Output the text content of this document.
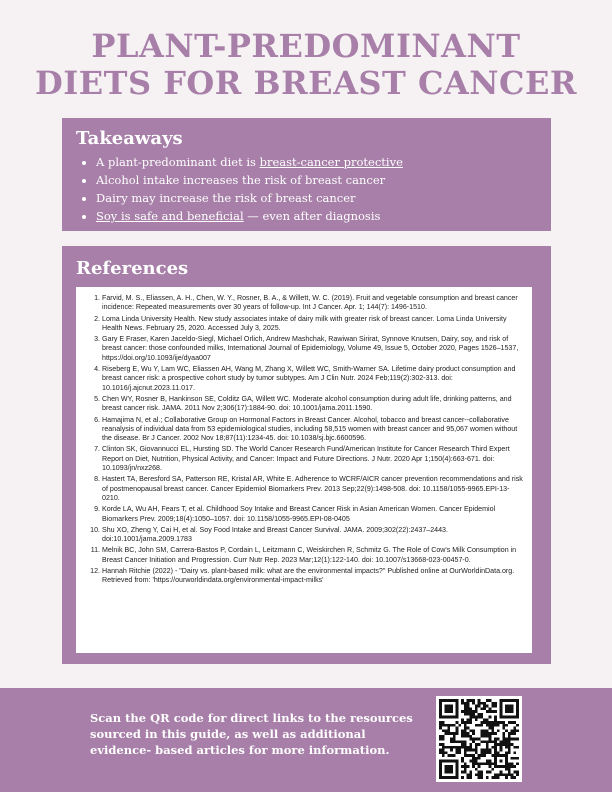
PLANT-PREDOMINANT
DIETS FOR BREAST CANCER
Takeaways
• A plant-predominant diet is breast-cancer protective
• Alcohol intake increases the risk of breast cancer
• Dairy may increase the risk of breast cancer
• Soy is safe and beneficial — even after diagnosis
References
1. Farvid, M. S., Eliassen, A. H., Chen, W. Y., Rosner, B. A., & Willett, W. C. (2019). Fruit and vegetable consumption and breast cancer incidence: Repeated measurements over 30 years of follow-up. Int J Cancer. Apr. 1; 144(7): 1496-1510.
2. Loma Linda University Health. New study associates intake of dairy milk with greater risk of breast cancer. Loma Linda University Health News. February 25, 2020. Accessed July 3, 2025.
3. Gary E Fraser, Karen Jaceldo-Siegl, Michael Orlich, Andrew Mashchak, Rawiwan Sirirat, Synnove Knutsen, Dairy, soy, and risk of breast cancer: those confounded milks, International Journal of Epidemiology, Volume 49, Issue 5, October 2020, Pages 1526–1537, https://doi.org/10.1093/ije/dyaa007
4. Riseberg E, Wu Y, Lam WC, Eliassen AH, Wang M, Zhang X, Willett WC, Smith-Warner SA. Lifetime dairy product consumption and breast cancer risk: a prospective cohort study by tumor subtypes. Am J Clin Nutr. 2024 Feb;119(2):302-313. doi: 10.1016/j.ajcnut.2023.11.017.
5. Chen WY, Rosner B, Hankinson SE, Colditz GA, Willett WC. Moderate alcohol consumption during adult life, drinking patterns, and breast cancer risk. JAMA. 2011 Nov 2;306(17):1884-90. doi: 10.1001/jama.2011.1590.
6. Hamajima N, et al.; Collaborative Group on Hormonal Factors in Breast Cancer. Alcohol, tobacco and breast cancer--collaborative reanalysis of individual data from 53 epidemiological studies, including 58,515 women with breast cancer and 95,067 women without the disease. Br J Cancer. 2002 Nov 18;87(11):1234-45. doi: 10.1038/sj.bjc.6600596.
7. Clinton SK, Giovannucci EL, Hursting SD. The World Cancer Research Fund/American Institute for Cancer Research Third Expert Report on Diet, Nutrition, Physical Activity, and Cancer: Impact and Future Directions. J Nutr. 2020 Apr 1;150(4):663-671. doi: 10.1093/jn/nxz268.
8. Hastert TA, Beresford SA, Patterson RE, Kristal AR, White E. Adherence to WCRF/AICR cancer prevention recommendations and risk of postmenopausal breast cancer. Cancer Epidemiol Biomarkers Prev. 2013 Sep;22(9):1498-508. doi: 10.1158/1055-9965.EPI-13-0210.
9. Korde LA, Wu AH, Fears T, et al. Childhood Soy Intake and Breast Cancer Risk in Asian American Women. Cancer Epidemiol Biomarkers Prev. 2009;18(4):1050–1057. doi: 10.1158/1055-9965.EPI-08-0405
10. Shu XO, Zheng Y, Cai H, et al. Soy Food Intake and Breast Cancer Survival. JAMA. 2009;302(22):2437–2443. doi:10.1001/jama.2009.1783
11. Melnik BC, John SM, Carrera-Bastos P, Cordain L, Leitzmann C, Weiskirchen R, Schmitz G. The Role of Cow's Milk Consumption in Breast Cancer Initiation and Progression. Curr Nutr Rep. 2023 Mar;12(1):122-140. doi: 10.1007/s13668-023-00457-0.
12. Hannah Ritchie (2022) - "Dairy vs. plant-based milk: what are the environmental impacts?" Published online at OurWorldinData.org. Retrieved from: 'https://ourworldindata.org/environmental-impact-milks'
Scan the QR code for direct links to the resources sourced in this guide, as well as additional evidence- based articles for more information.
